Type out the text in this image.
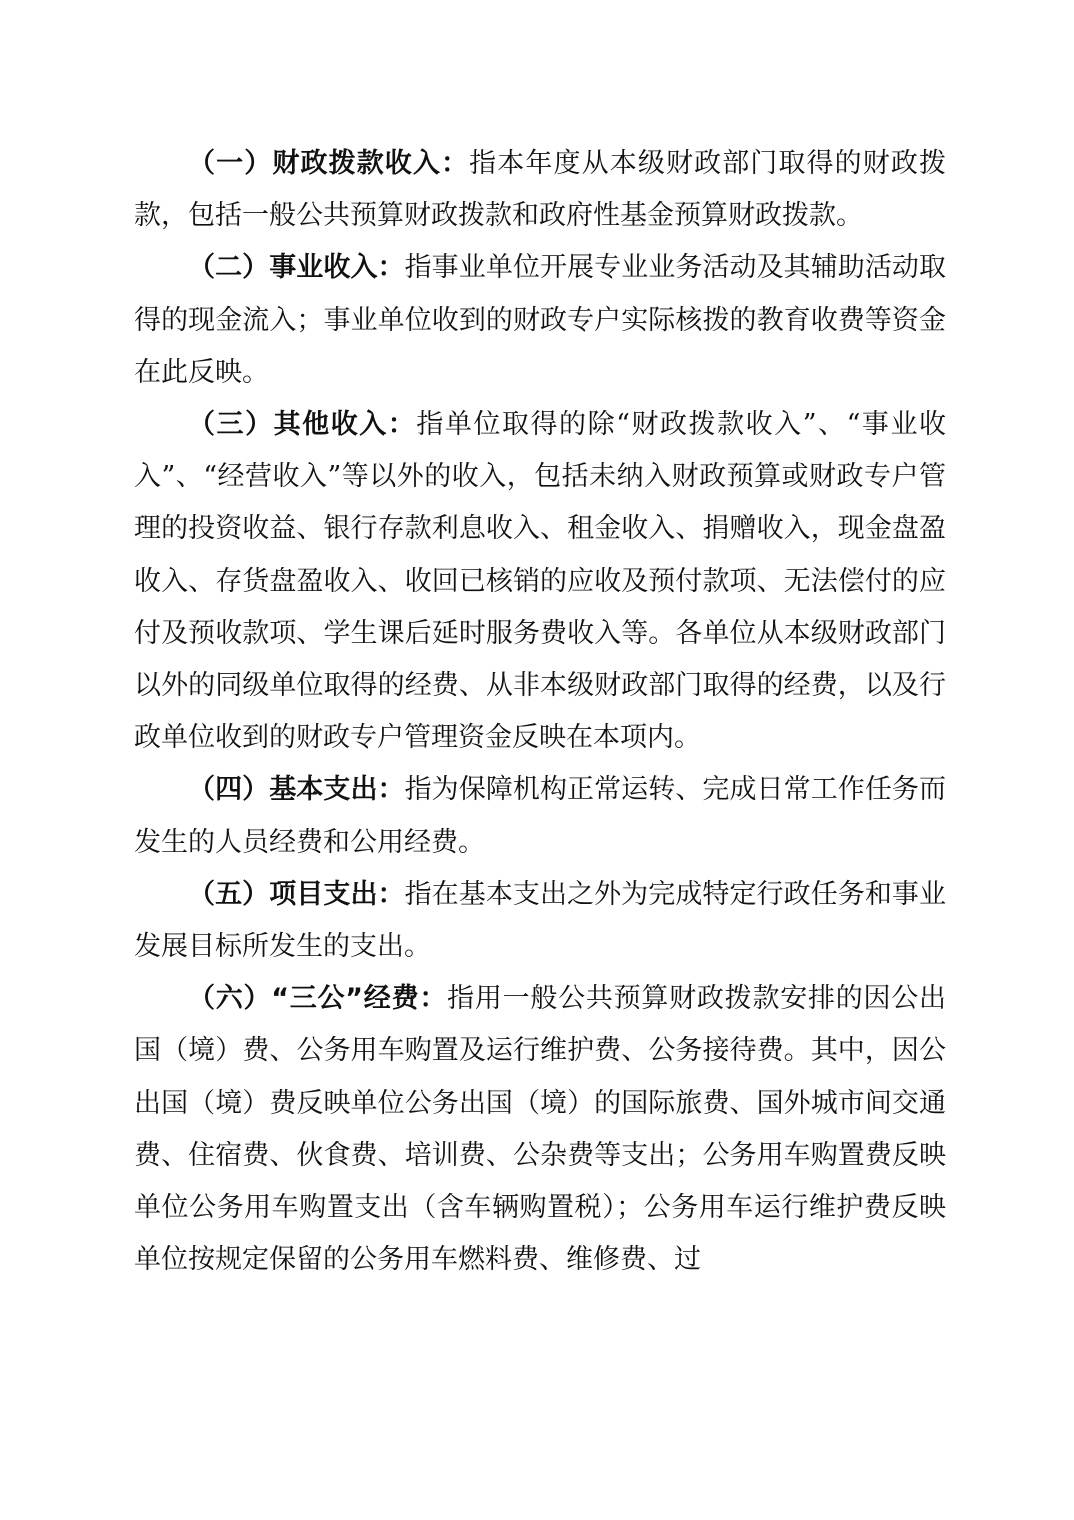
（一）财政拨款收入：指本年度从本级财政部门取得的财政拨款，包括一般公共预算财政拨款和政府性基金预算财政拨款。

（二）事业收入：指事业单位开展专业业务活动及其辅助活动取得的现金流入；事业单位收到的财政专户实际核拨的教育收费等资金在此反映。

（三）其他收入：指单位取得的除“财政拨款收入”、“事业收入”、“经营收入”等以外的收入，包括未纳入财政预算或财政专户管理的投资收益、银行存款利息收入、租金收入、捐赠收入，现金盘盈收入、存货盘盈收入、收回已核销的应收及预付款项、无法偿付的应付及预收款项、学生课后延时服务费收入等。各单位从本级财政部门以外的同级单位取得的经费、从非本级财政部门取得的经费，以及行政单位收到的财政专户管理资金反映在本项内。

（四）基本支出：指为保障机构正常运转、完成日常工作任务而发生的人员经费和公用经费。

（五）项目支出：指在基本支出之外为完成特定行政任务和事业发展目标所发生的支出。

（六）“三公”经费：指用一般公共预算财政拨款安排的因公出国（境）费、公务用车购置及运行维护费、公务接待费。其中，因公出国（境）费反映单位公务出国（境）的国际旅费、国外城市间交通费、住宿费、伙食费、培训费、公杂费等支出；公务用车购置费反映单位公务用车购置支出（含车辆购置税）；公务用车运行维护费反映单位按规定保留的公务用车燃料费、维修费、过
